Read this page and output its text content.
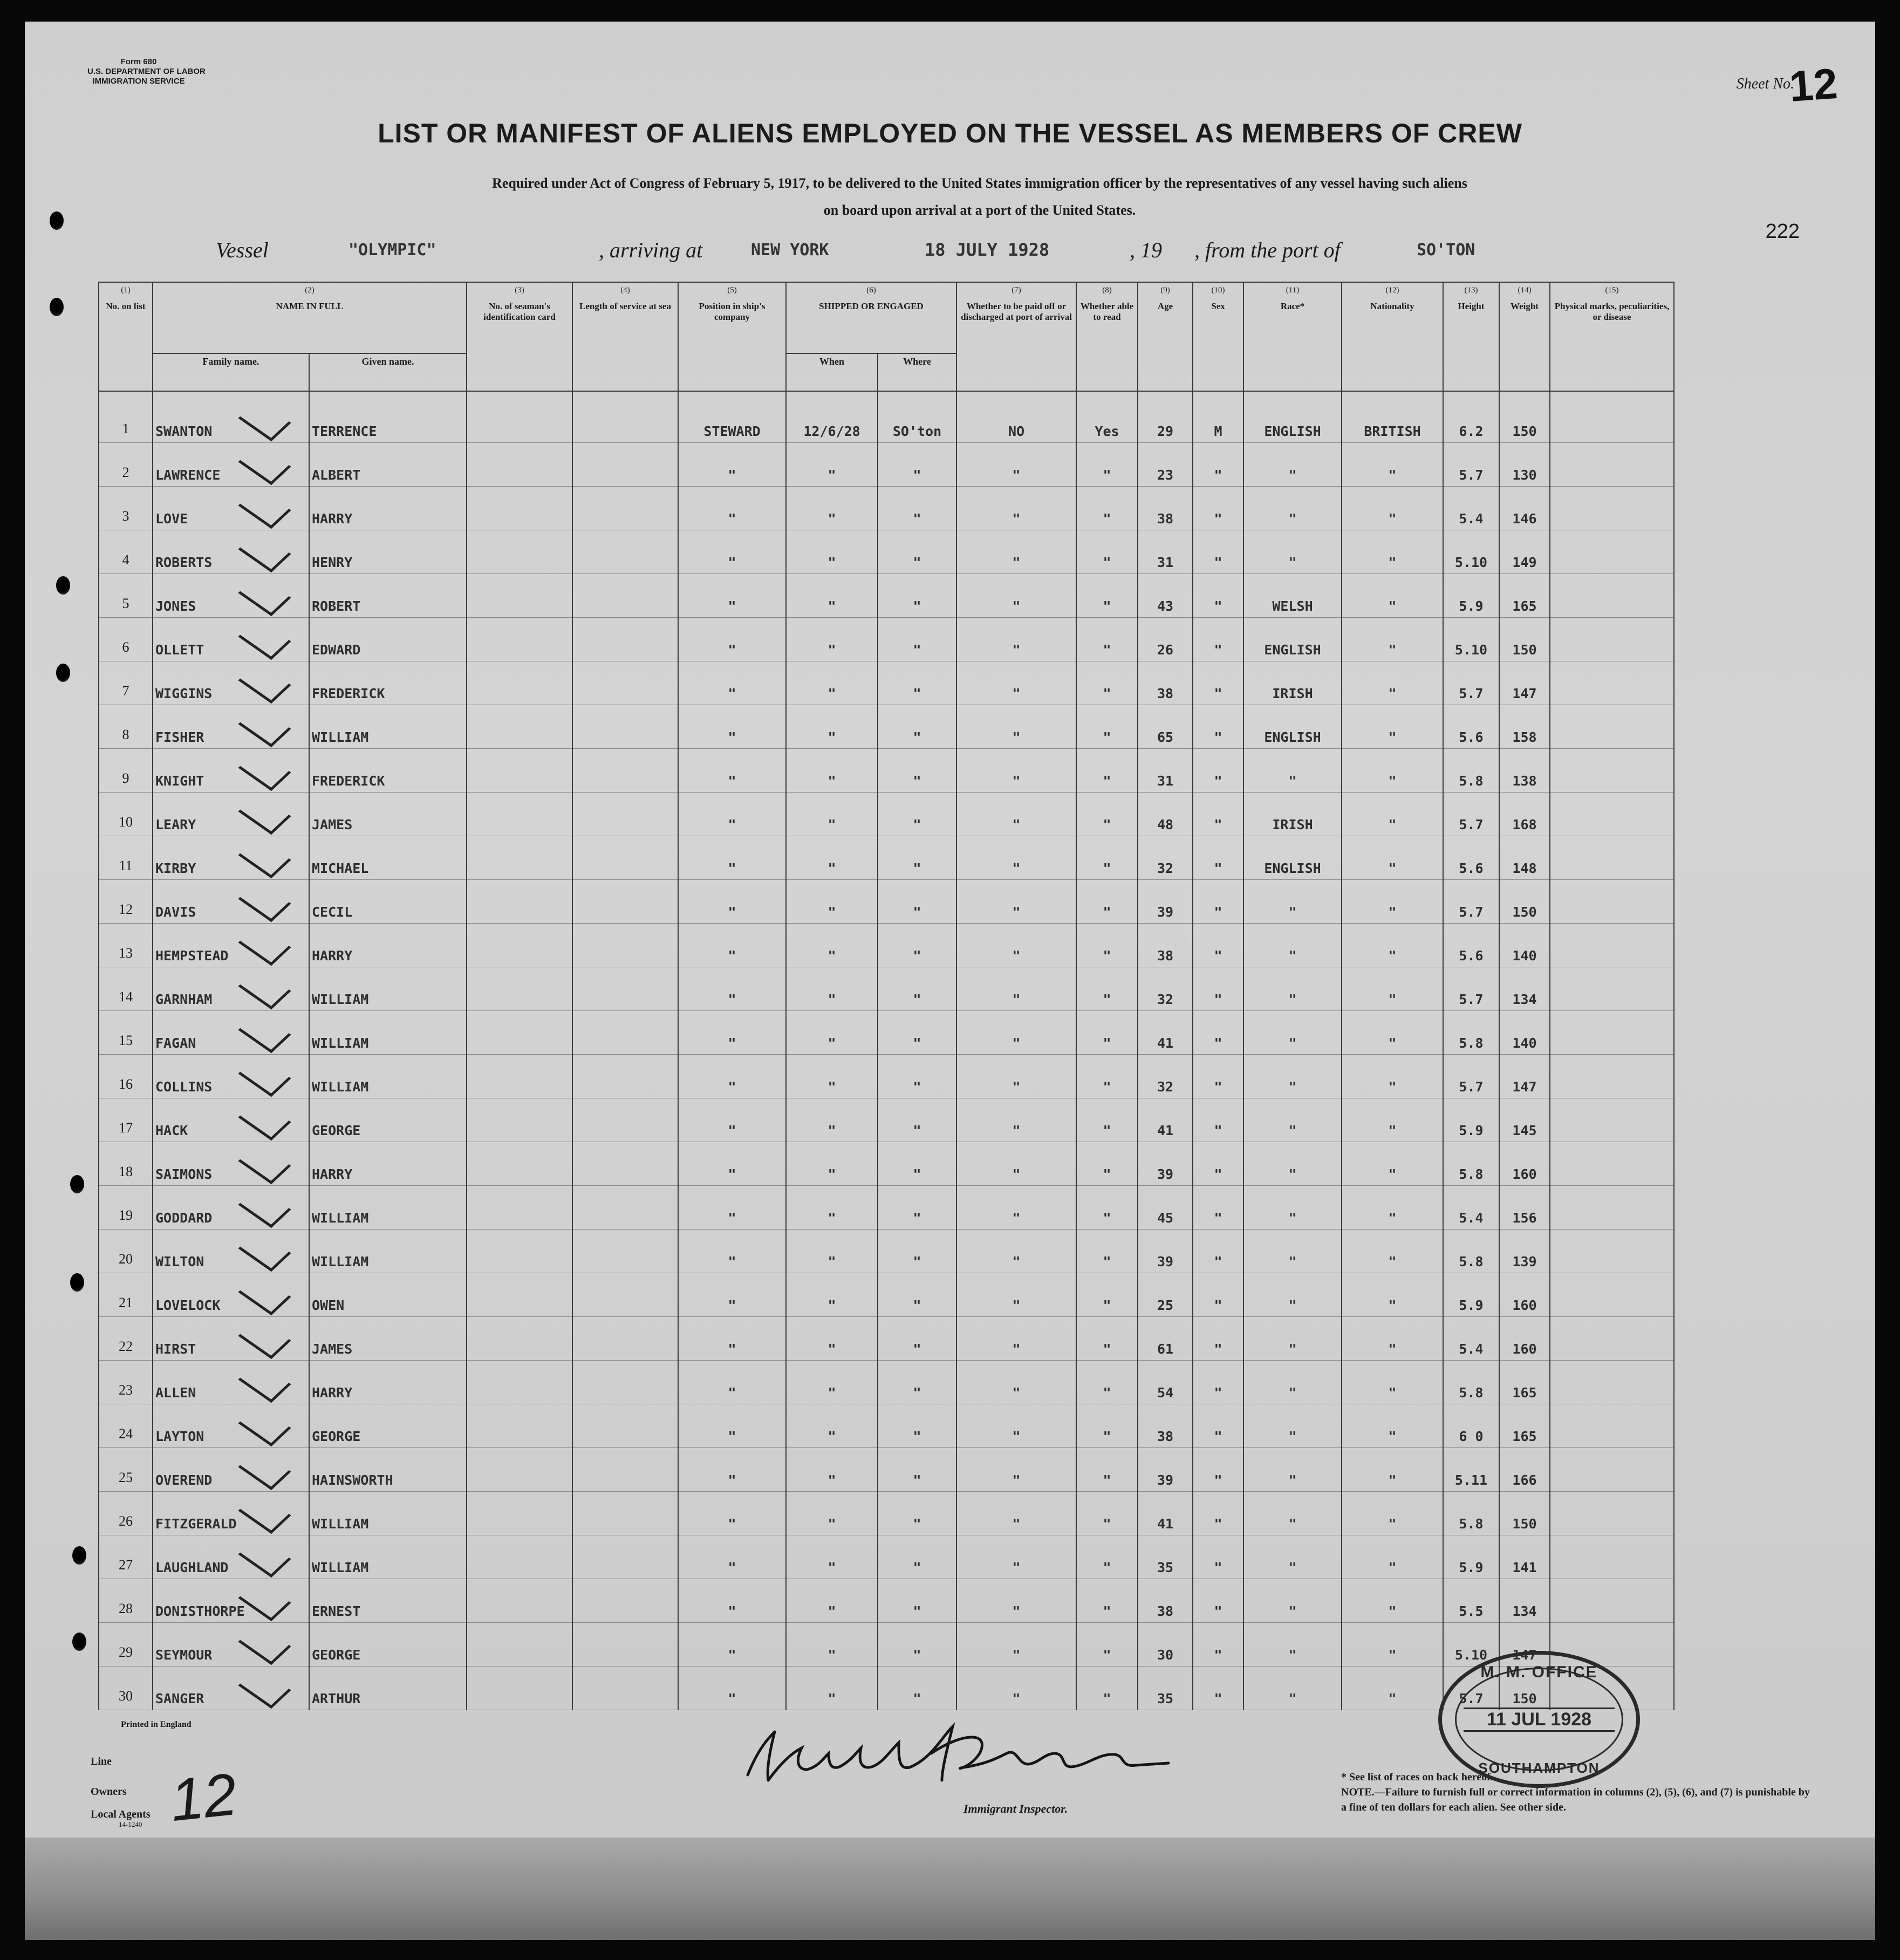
Form 680
U.S. DEPARTMENT OF LABOR
IMMIGRATION SERVICE	Sheet No.
12
LIST OR MANIFEST OF ALIENS EMPLOYED ON THE VESSEL AS MEMBERS OF CREW
Required under Act of Congress of February 5, 1917, to be delivered to the United States immigration officer by the representatives of any vessel having such aliens
on board upon arrival at a port of the United States.
222
Vessel	"OLYMPIC"	, arriving at	NEW YORK	18 JULY 1928	, 19 , from the port of	SO'TON
(1)
No. on list	(2)
NAME IN FULL		(3)
No. of seaman's identification card	(4)
Length of service at sea	(5)
Position in ship's company	(6)
SHIPPED OR ENGAGED		(7)
Whether to be paid off or discharged at port of arrival	(8)
Whether able to read	(9)
Age	(10)
Sex	(11)
Race*	(12)
Nationality	(13)
Height	(14)
Weight	(15)
Physical marks, peculiarities, or disease
	Family name.	Given name.				When	Where									
1	SWANTON	TERRENCE			STEWARD	12/6/28	SO'ton	NO	Yes	29	M	ENGLISH	BRITISH	6.2	150	
2	LAWRENCE	ALBERT			"	"	"	"	"	23	"	"	"	5.7	130	
3	LOVE	HARRY			"	"	"	"	"	38	"	"	"	5.4	146	
4	ROBERTS	HENRY			"	"	"	"	"	31	"	"	"	5.10	149	
5	JONES	ROBERT			"	"	"	"	"	43	"	WELSH	"	5.9	165	
6	OLLETT	EDWARD			"	"	"	"	"	26	"	ENGLISH	"	5.10	150	
7	WIGGINS	FREDERICK			"	"	"	"	"	38	"	IRISH	"	5.7	147	
8	FISHER	WILLIAM			"	"	"	"	"	65	"	ENGLISH	"	5.6	158	
9	KNIGHT	FREDERICK			"	"	"	"	"	31	"	"	"	5.8	138	
10	LEARY	JAMES			"	"	"	"	"	48	"	IRISH	"	5.7	168	
11	KIRBY	MICHAEL			"	"	"	"	"	32	"	ENGLISH	"	5.6	148	
12	DAVIS	CECIL			"	"	"	"	"	39	"	"	"	5.7	150	
13	HEMPSTEAD	HARRY			"	"	"	"	"	38	"	"	"	5.6	140	
14	GARNHAM	WILLIAM			"	"	"	"	"	32	"	"	"	5.7	134	
15	FAGAN	WILLIAM			"	"	"	"	"	41	"	"	"	5.8	140	
16	COLLINS	WILLIAM			"	"	"	"	"	32	"	"	"	5.7	147	
17	HACK	GEORGE			"	"	"	"	"	41	"	"	"	5.9	145	
18	SAIMONS	HARRY			"	"	"	"	"	39	"	"	"	5.8	160	
19	GODDARD	WILLIAM			"	"	"	"	"	45	"	"	"	5.4	156	
20	WILTON	WILLIAM			"	"	"	"	"	39	"	"	"	5.8	139	
21	LOVELOCK	OWEN			"	"	"	"	"	25	"	"	"	5.9	160	
22	HIRST	JAMES			"	"	"	"	"	61	"	"	"	5.4	160	
23	ALLEN	HARRY			"	"	"	"	"	54	"	"	"	5.8	165	
24	LAYTON	GEORGE			"	"	"	"	"	38	"	"	"	6 0	165	
25	OVEREND	HAINSWORTH			"	"	"	"	"	39	"	"	"	5.11	166	
26	FITZGERALD	WILLIAM			"	"	"	"	"	41	"	"	"	5.8	150	
27	LAUGHLAND	WILLIAM			"	"	"	"	"	35	"	"	"	5.9	141	
28	DONISTHORPE	ERNEST			"	"	"	"	"	38	"	"	"	5.5	134	
29	SEYMOUR	GEORGE			"	"	"	"	"	30	"	"	"	5.10	147	
30	SANGER	ARTHUR			"	"	"	"	"	35	"	"	"	5.7	150	
Printed in England
Line
Owners
Local Agents
14-1240 12	Immigrant Inspector.
* See list of races on back hereof.
NOTE.—Failure to furnish full or correct information in columns (2), (5), (6), and (7) is punishable by a fine of ten dollars for each alien. See other side.
M. M. OFFICE
11 JUL 1928
SOUTHAMPTON
